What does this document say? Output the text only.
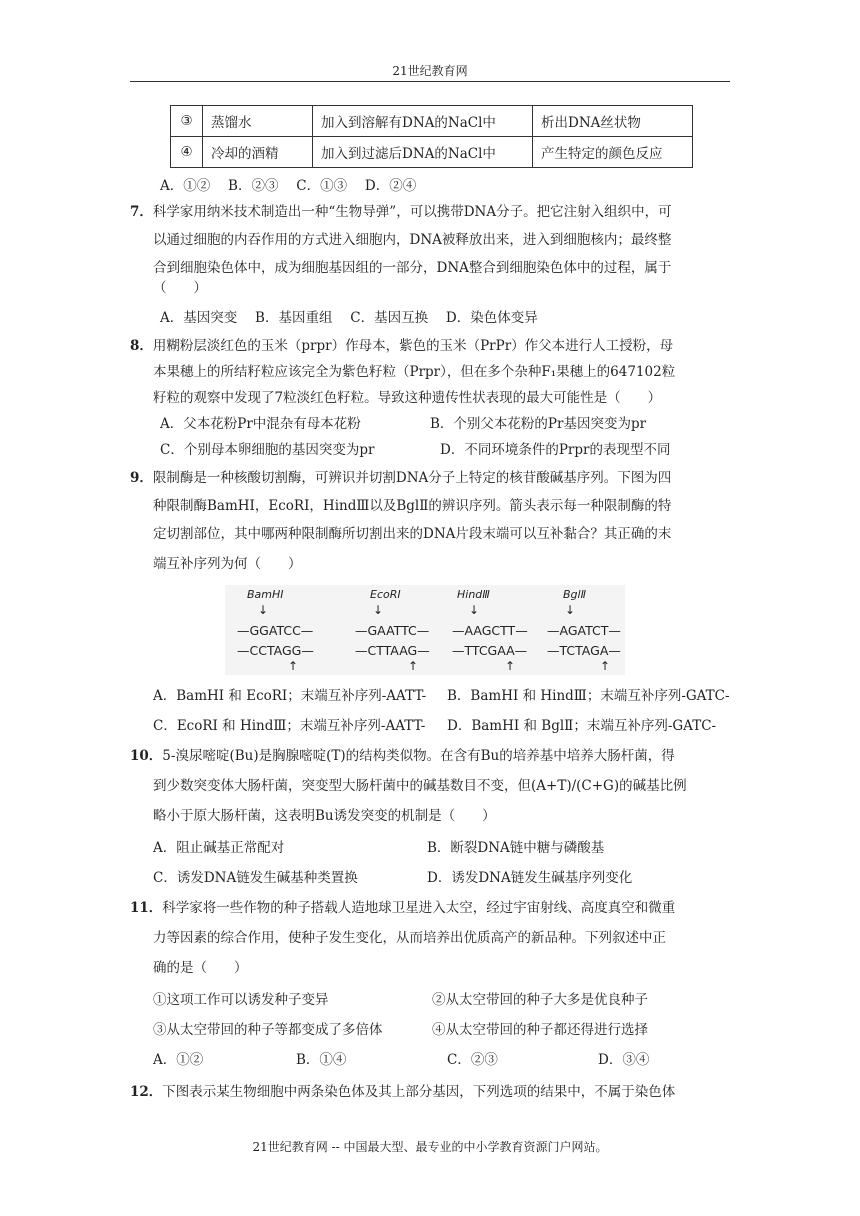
21世纪教育网
③	蒸馏水	加入到溶解有DNA的NaCl中	析出DNA丝状物
④	冷却的酒精	加入到过滤后DNA的NaCl中	产生特定的颜色反应
A．①②　 B．②③　 C．①③　 D．②④
7．科学家用纳米技术制造出一种“生物导弹”，可以携带DNA分子。把它注射入组织中，可
以通过细胞的内吞作用的方式进入细胞内，DNA被释放出来，进入到细胞核内；最终整
合到细胞染色体中，成为细胞基因组的一部分，DNA整合到细胞染色体中的过程，属于
（　　）
A．基因突变　 B．基因重组　 C．基因互换　 D．染色体变异
8．用糊粉层淡红色的玉米（prpr）作母本，紫色的玉米（PrPr）作父本进行人工授粉，母
本果穗上的所结籽粒应该完全为紫色籽粒（Prpr），但在多个杂种F₁果穗上的647102粒
籽粒的观察中发现了7粒淡红色籽粒。导致这种遗传性状表现的最大可能性是（　　）
A．父本花粉Pr中混杂有母本花粉	B．个别父本花粉的Pr基因突变为pr
C．个别母本卵细胞的基因突变为pr	D．不同环境条件的Prpr的表现型不同
9．限制酶是一种核酸切割酶，可辨识并切割DNA分子上特定的核苷酸碱基序列。下图为四
种限制酶BamHⅠ，EcoRⅠ，HindⅢ以及BglⅡ的辨识序列。箭头表示每一种限制酶的特
定切割部位，其中哪两种限制酶所切割出来的DNA片段末端可以互补黏合？其正确的末
端互补序列为何（　　）
BamHⅠ
↓
—GGATCC—
—CCTAGG—
↑
EcoRⅠ
↓
—GAATTC—
—CTTAAG—
↑
HindⅢ
↓
—AAGCTT—
—TTCGAA—
↑
BglⅡ
↓
—AGATCT—
—TCTAGA—
↑
A．BamHⅠ 和 EcoRⅠ；末端互补序列-AATT- B．BamHⅠ 和 HindⅢ；末端互补序列-GATC-
C．EcoRⅠ 和 HindⅢ；末端互补序列-AATT- D．BamHⅠ 和 BglⅡ；末端互补序列-GATC-
10．5-溴尿嘧啶(Bu)是胸腺嘧啶(T)的结构类似物。在含有Bu的培养基中培养大肠杆菌，得
到少数突变体大肠杆菌，突变型大肠杆菌中的碱基数目不变，但(A+T)/(C+G)的碱基比例
略小于原大肠杆菌，这表明Bu诱发突变的机制是（　　）
A．阻止碱基正常配对	B．断裂DNA链中糖与磷酸基
C．诱发DNA链发生碱基种类置换	D．诱发DNA链发生碱基序列变化
11．科学家将一些作物的种子搭载人造地球卫星进入太空，经过宇宙射线、高度真空和微重
力等因素的综合作用，使种子发生变化，从而培养出优质高产的新品种。下列叙述中正
确的是（　　）
①这项工作可以诱发种子变异	②从太空带回的种子大多是优良种子
③从太空带回的种子等都变成了多倍体	④从太空带回的种子都还得进行选择
A．①②	B．①④	C．②③	D．③④
12．下图表示某生物细胞中两条染色体及其上部分基因，下列选项的结果中，不属于染色体
21世纪教育网 -- 中国最大型、最专业的中小学教育资源门户网站。
